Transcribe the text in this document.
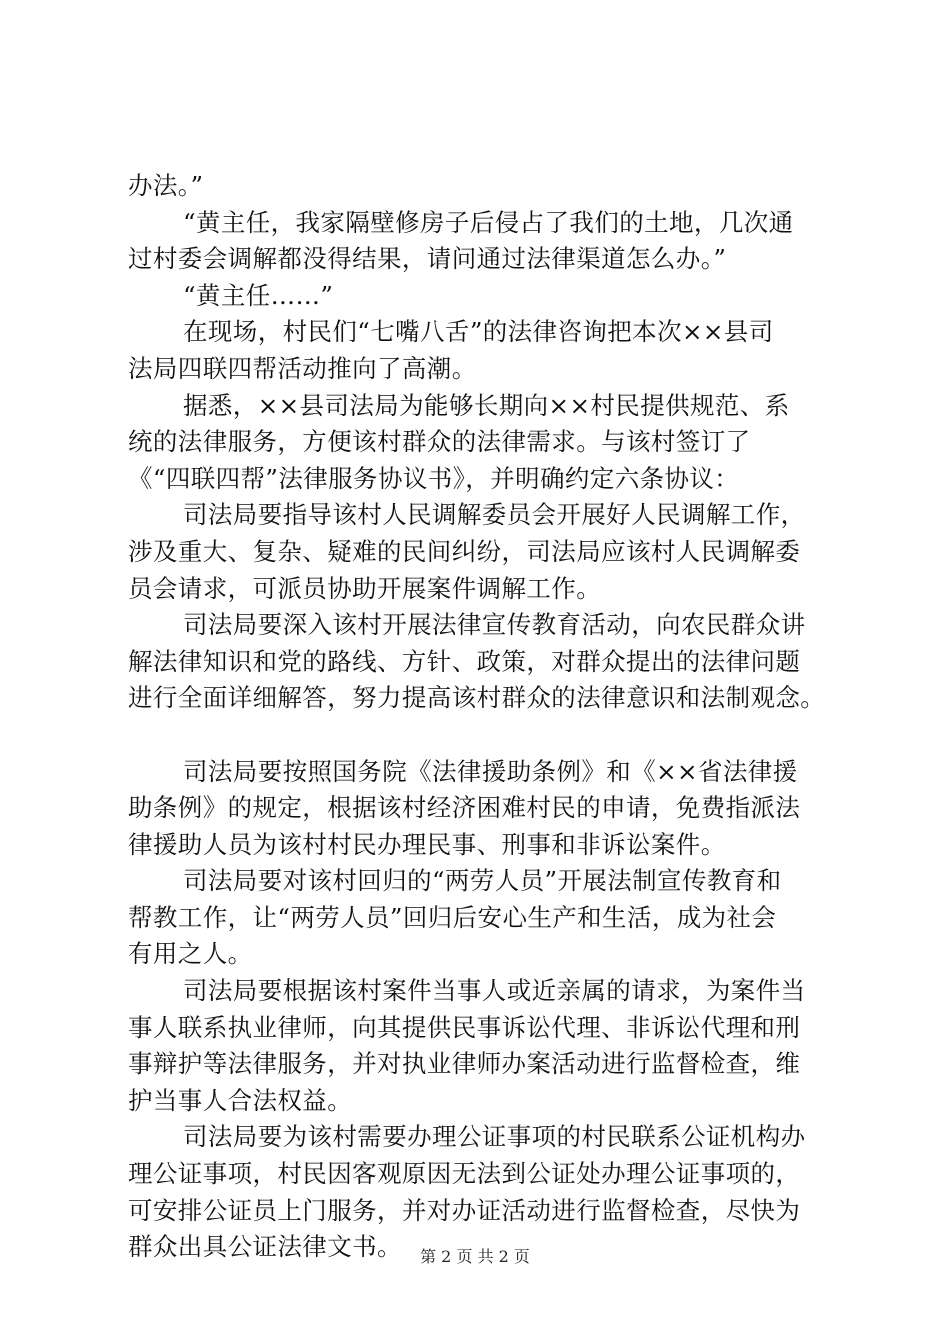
办法。”
“黄主任，我家隔壁修房子后侵占了我们的土地，几次通
过村委会调解都没得结果，请问通过法律渠道怎么办。”
“黄主任……”
在现场，村民们“七嘴八舌”的法律咨询把本次××县司
法局四联四帮活动推向了高潮。
据悉，××县司法局为能够长期向××村民提供规范、系
统的法律服务，方便该村群众的法律需求。与该村签订了
《“四联四帮”法律服务协议书》，并明确约定六条协议：
司法局要指导该村人民调解委员会开展好人民调解工作，
涉及重大、复杂、疑难的民间纠纷，司法局应该村人民调解委
员会请求，可派员协助开展案件调解工作。
司法局要深入该村开展法律宣传教育活动，向农民群众讲
解法律知识和党的路线、方针、政策，对群众提出的法律问题
进行全面详细解答，努力提高该村群众的法律意识和法制观念。
司法局要按照国务院《法律援助条例》和《××省法律援
助条例》的规定，根据该村经济困难村民的申请，免费指派法
律援助人员为该村村民办理民事、刑事和非诉讼案件。
司法局要对该村回归的“两劳人员”开展法制宣传教育和
帮教工作，让“两劳人员”回归后安心生产和生活，成为社会
有用之人。
司法局要根据该村案件当事人或近亲属的请求，为案件当
事人联系执业律师，向其提供民事诉讼代理、非诉讼代理和刑
事辩护等法律服务，并对执业律师办案活动进行监督检查，维
护当事人合法权益。
司法局要为该村需要办理公证事项的村民联系公证机构办
理公证事项，村民因客观原因无法到公证处办理公证事项的，
可安排公证员上门服务，并对办证活动进行监督检查，尽快为
群众出具公证法律文书。	第 2 页 共 2 页
